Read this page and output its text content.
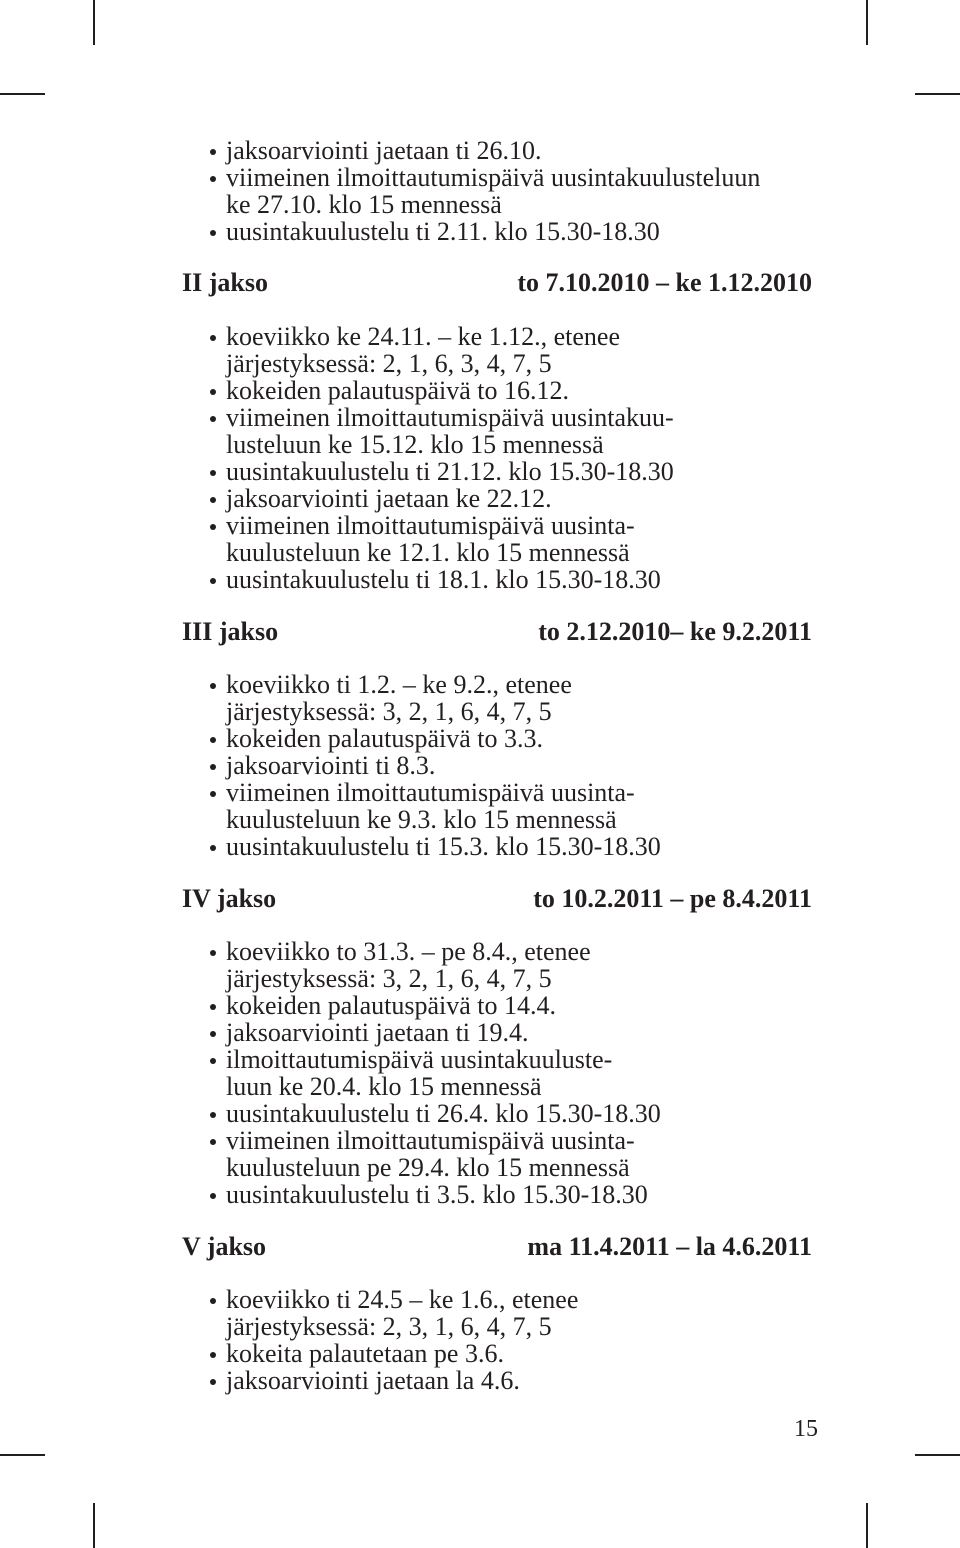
jaksoarviointi jaetaan ti 26.10.
viimeinen ilmoittautumispäivä uusintakuulusteluun
ke 27.10. klo 15 mennessä
uusintakuulustelu ti 2.11. klo 15.30-18.30
II jakso	to 7.10.2010 – ke 1.12.2010
koeviikko ke 24.11. – ke 1.12., etenee
järjestyksessä: 2, 1, 6, 3, 4, 7, 5
kokeiden palautuspäivä to 16.12.
viimeinen ilmoittautumispäivä uusintakuu-
lusteluun ke 15.12. klo 15 mennessä
uusintakuulustelu ti 21.12. klo 15.30-18.30
jaksoarviointi jaetaan ke 22.12.
viimeinen ilmoittautumispäivä uusinta-
kuulusteluun ke 12.1. klo 15 mennessä
uusintakuulustelu ti 18.1. klo 15.30-18.30
III jakso	to 2.12.2010– ke 9.2.2011
koeviikko ti 1.2. – ke 9.2., etenee
järjestyksessä: 3, 2, 1, 6, 4, 7, 5
kokeiden palautuspäivä to 3.3.
jaksoarviointi ti 8.3.
viimeinen ilmoittautumispäivä uusinta-
kuulusteluun ke 9.3. klo 15 mennessä
uusintakuulustelu ti 15.3. klo 15.30-18.30
IV jakso	to 10.2.2011 – pe 8.4.2011
koeviikko to 31.3. – pe 8.4., etenee
järjestyksessä: 3, 2, 1, 6, 4, 7, 5
kokeiden palautuspäivä to 14.4.
jaksoarviointi jaetaan ti 19.4.
ilmoittautumispäivä uusintakuuluste-
luun ke 20.4. klo 15 mennessä
uusintakuulustelu ti 26.4. klo 15.30-18.30
viimeinen ilmoittautumispäivä uusinta-
kuulusteluun pe 29.4. klo 15 mennessä
uusintakuulustelu ti 3.5. klo 15.30-18.30
V jakso	ma 11.4.2011 – la 4.6.2011
koeviikko ti 24.5 – ke 1.6., etenee
järjestyksessä: 2, 3, 1, 6, 4, 7, 5
kokeita palautetaan pe 3.6.
jaksoarviointi jaetaan la 4.6.
15
